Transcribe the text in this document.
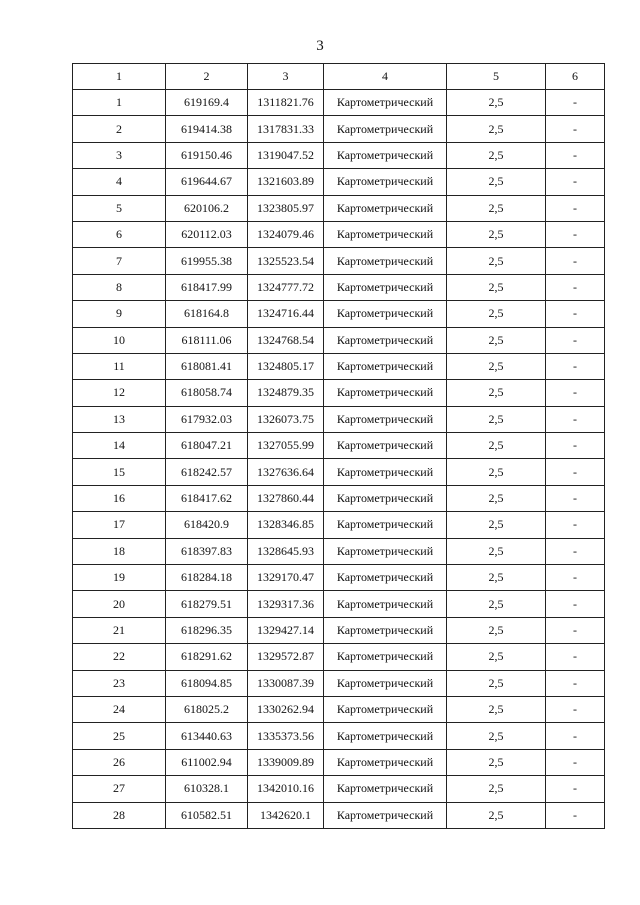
3
1	2	3	4	5	6
1	619169.4	1311821.76	Картометрический	2,5	-
2	619414.38	1317831.33	Картометрический	2,5	-
3	619150.46	1319047.52	Картометрический	2,5	-
4	619644.67	1321603.89	Картометрический	2,5	-
5	620106.2	1323805.97	Картометрический	2,5	-
6	620112.03	1324079.46	Картометрический	2,5	-
7	619955.38	1325523.54	Картометрический	2,5	-
8	618417.99	1324777.72	Картометрический	2,5	-
9	618164.8	1324716.44	Картометрический	2,5	-
10	618111.06	1324768.54	Картометрический	2,5	-
11	618081.41	1324805.17	Картометрический	2,5	-
12	618058.74	1324879.35	Картометрический	2,5	-
13	617932.03	1326073.75	Картометрический	2,5	-
14	618047.21	1327055.99	Картометрический	2,5	-
15	618242.57	1327636.64	Картометрический	2,5	-
16	618417.62	1327860.44	Картометрический	2,5	-
17	618420.9	1328346.85	Картометрический	2,5	-
18	618397.83	1328645.93	Картометрический	2,5	-
19	618284.18	1329170.47	Картометрический	2,5	-
20	618279.51	1329317.36	Картометрический	2,5	-
21	618296.35	1329427.14	Картометрический	2,5	-
22	618291.62	1329572.87	Картометрический	2,5	-
23	618094.85	1330087.39	Картометрический	2,5	-
24	618025.2	1330262.94	Картометрический	2,5	-
25	613440.63	1335373.56	Картометрический	2,5	-
26	611002.94	1339009.89	Картометрический	2,5	-
27	610328.1	1342010.16	Картометрический	2,5	-
28	610582.51	1342620.1	Картометрический	2,5	-
